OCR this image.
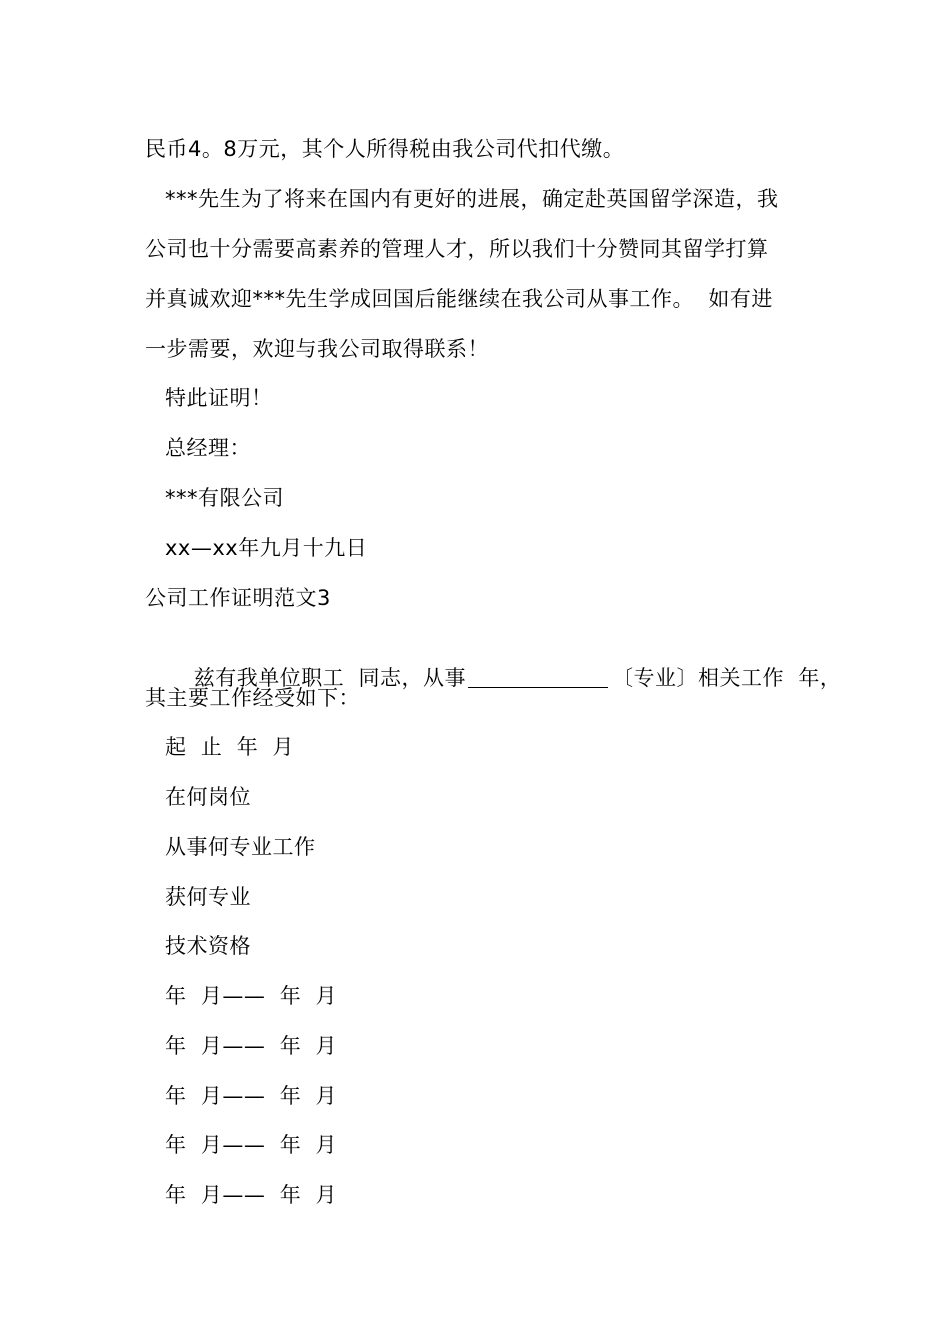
民币4。8万元，其个人所得税由我公司代扣代缴。
***先生为了将来在国内有更好的进展，确定赴英国留学深造，我
公司也十分需要高素养的管理人才，所以我们十分赞同其留学打算
并真诚欢迎***先生学成回国后能继续在我公司从事工作。  如有进
一步需要，欢迎与我公司取得联系！
特此证明！
总经理：
***有限公司
xx—xx年九月十九日
公司工作证明范文3

兹有我单位职工  同志，从事	〔专业〕相关工作  年，

其主要工作经受如下：
起  止  年  月
在何岗位
从事何专业工作
获何专业
技术资格
年  月——  年  月
年  月——  年  月
年  月——  年  月
年  月——  年  月
年  月——  年  月
